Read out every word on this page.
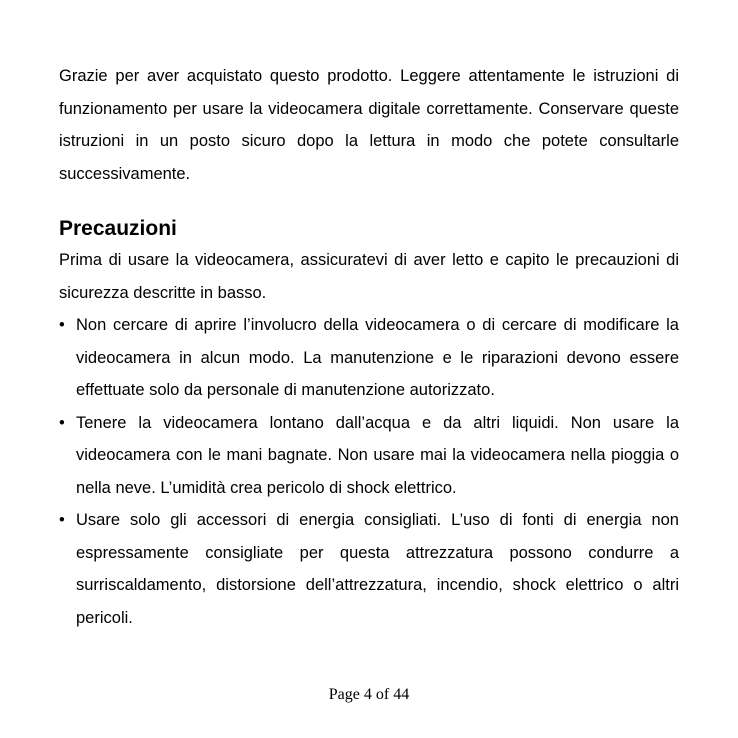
Grazie per aver acquistato questo prodotto. Leggere attentamente le istruzioni di funzionamento per usare la videocamera digitale correttamente. Conservare queste istruzioni in un posto sicuro dopo la lettura in modo che potete consultarle successivamente.

Precauzioni

Prima di usare la videocamera, assicuratevi di aver letto e capito le precauzioni di sicurezza descritte in basso.

• Non cercare di aprire l’involucro della videocamera o di cercare di modificare la videocamera in alcun modo. La manutenzione e le riparazioni devono essere effettuate solo da personale di manutenzione autorizzato.
• Tenere la videocamera lontano dall’acqua e da altri liquidi. Non usare la videocamera con le mani bagnate. Non usare mai la videocamera nella pioggia o nella neve. L’umidità crea pericolo di shock elettrico.
• Usare solo gli accessori di energia consigliati. L’uso di fonti di energia non espressamente consigliate per questa attrezzatura possono condurre a surriscaldamento, distorsione dell’attrezzatura, incendio, shock elettrico o altri pericoli.
Page 4 of 44
